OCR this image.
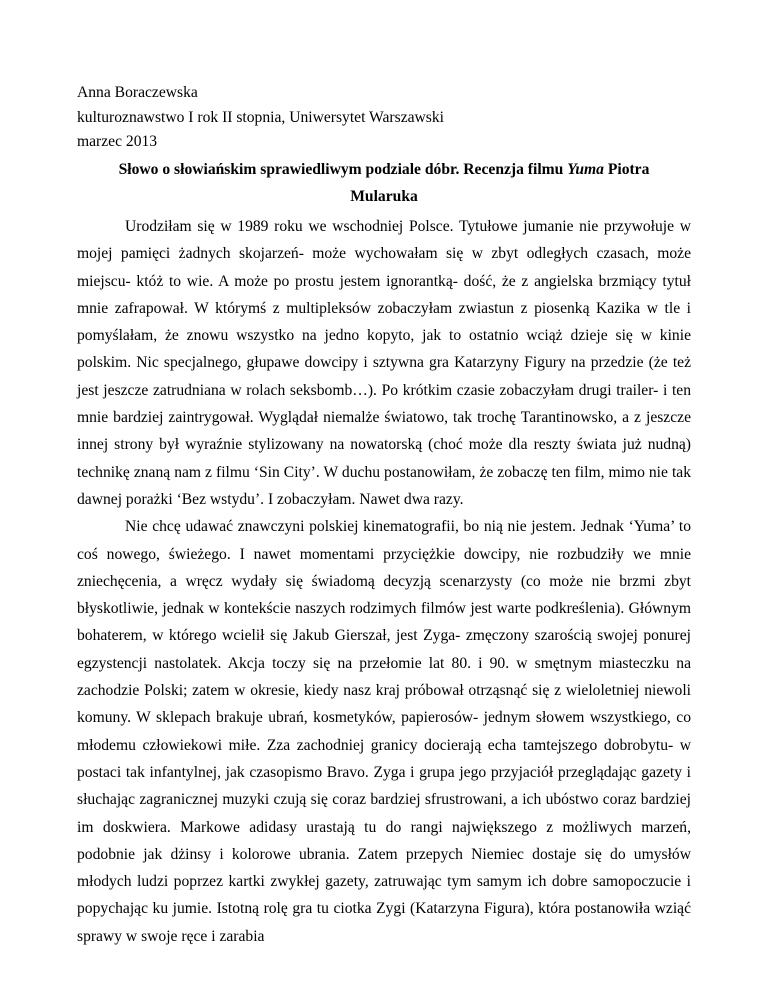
Anna Boraczewska

kulturoznawstwo I rok II stopnia, Uniwersytet Warszawski

marzec 2013

Słowo o słowiańskim sprawiedliwym podziale dóbr. Recenzja filmu Yuma Piotra Mularuka

Urodziłam się w 1989 roku we wschodniej Polsce. Tytułowe jumanie nie przywołuje w mojej pamięci żadnych skojarzeń- może wychowałam się w zbyt odległych czasach, może miejscu- któż to wie. A może po prostu jestem ignorantką- dość, że z angielska brzmiący tytuł mnie zafrapował. W którymś z multipleksów zobaczyłam zwiastun z piosenką Kazika w tle i pomyślałam, że znowu wszystko na jedno kopyto, jak to ostatnio wciąż dzieje się w kinie polskim. Nic specjalnego, głupawe dowcipy i sztywna gra Katarzyny Figury na przedzie (że też jest jeszcze zatrudniana w rolach seksbomb…). Po krótkim czasie zobaczyłam drugi trailer- i ten mnie bardziej zaintrygował. Wyglądał niemalże światowo, tak trochę Tarantinowsko, a z jeszcze innej strony był wyraźnie stylizowany na nowatorską (choć może dla reszty świata już nudną) technikę znaną nam z filmu ‘Sin City’. W duchu postanowiłam, że zobaczę ten film, mimo nie tak dawnej porażki ‘Bez wstydu’. I zobaczyłam. Nawet dwa razy.

Nie chcę udawać znawczyni polskiej kinematografii, bo nią nie jestem. Jednak ‘Yuma’ to coś nowego, świeżego. I nawet momentami przyciężkie dowcipy, nie rozbudziły we mnie zniechęcenia, a wręcz wydały się świadomą decyzją scenarzysty (co może nie brzmi zbyt błyskotliwie, jednak w kontekście naszych rodzimych filmów jest warte podkreślenia). Głównym bohaterem, w którego wcielił się Jakub Gierszał, jest Zyga- zmęczony szarością swojej ponurej egzystencji nastolatek. Akcja toczy się na przełomie lat 80. i 90. w smętnym miasteczku na zachodzie Polski; zatem w okresie, kiedy nasz kraj próbował otrząsnąć się z wieloletniej niewoli komuny. W sklepach brakuje ubrań, kosmetyków, papierosów- jednym słowem wszystkiego, co młodemu człowiekowi miłe. Zza zachodniej granicy docierają echa tamtejszego dobrobytu- w postaci tak infantylnej, jak czasopismo Bravo. Zyga i grupa jego przyjaciół przeglądając gazety i słuchając zagranicznej muzyki czują się coraz bardziej sfrustrowani, a ich ubóstwo coraz bardziej im doskwiera. Markowe adidasy urastają tu do rangi największego z możliwych marzeń, podobnie jak dżinsy i kolorowe ubrania. Zatem przepych Niemiec dostaje się do umysłów młodych ludzi poprzez kartki zwykłej gazety, zatruwając tym samym ich dobre samopoczucie i popychając ku jumie. Istotną rolę gra tu ciotka Zygi (Katarzyna Figura), która postanowiła wziąć sprawy w swoje ręce i zarabia
